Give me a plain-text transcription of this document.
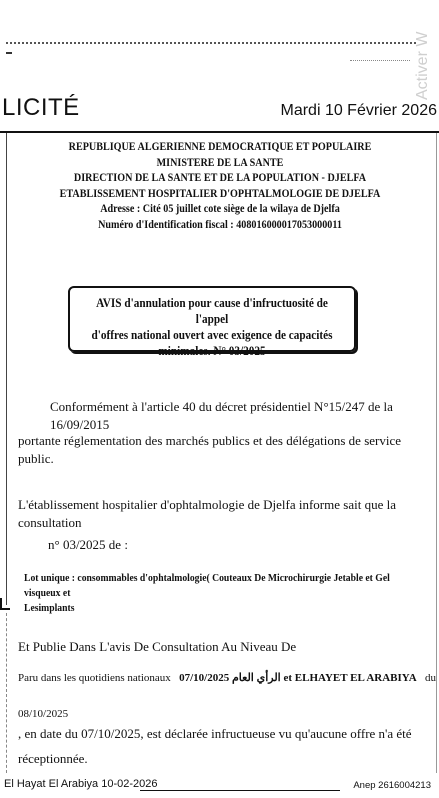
Activer W
LICITÉ	Mardi 10 Février 2026
REPUBLIQUE ALGERIENNE DEMOCRATIQUE ET POPULAIRE
MINISTERE DE LA SANTE
DIRECTION DE LA SANTE ET DE LA POPULATION - DJELFA
ETABLISSEMENT HOSPITALIER D'OPHTALMOLOGIE DE DJELFA
Adresse : Cité 05 juillet cote siège de la wilaya de Djelfa
Numéro d'Identification fiscal : 408016000017053000011
AVIS d'annulation pour cause d'infructuosité de l'appel
d'offres national ouvert avec exigence de capacités
minimales. N° 03/2025
Conformément à l'article 40 du décret présidentiel N°15/247 de la 16/09/2015
portante réglementation des marchés publics et des délégations de service public.
L'établissement hospitalier d'ophtalmologie de Djelfa informe sait que la consultation
n° 03/2025 de :
Lot unique : consommables d'ophtalmologie( Couteaux De Microchirurgie Jetable et Gel visqueux et
Lesimplants
Et Publie Dans L'avis De Consultation Au Niveau De
Paru dans les quotidiens nationaux الرأي العام 07/10/2025 et ELHAYET EL ARABIYA du
08/10/2025
, en date du 07/10/2025, est déclarée infructueuse vu qu'aucune offre n'a été
réceptionnée.
El Hayat El Arabiya 10-02-2026	Anep 2616004213
